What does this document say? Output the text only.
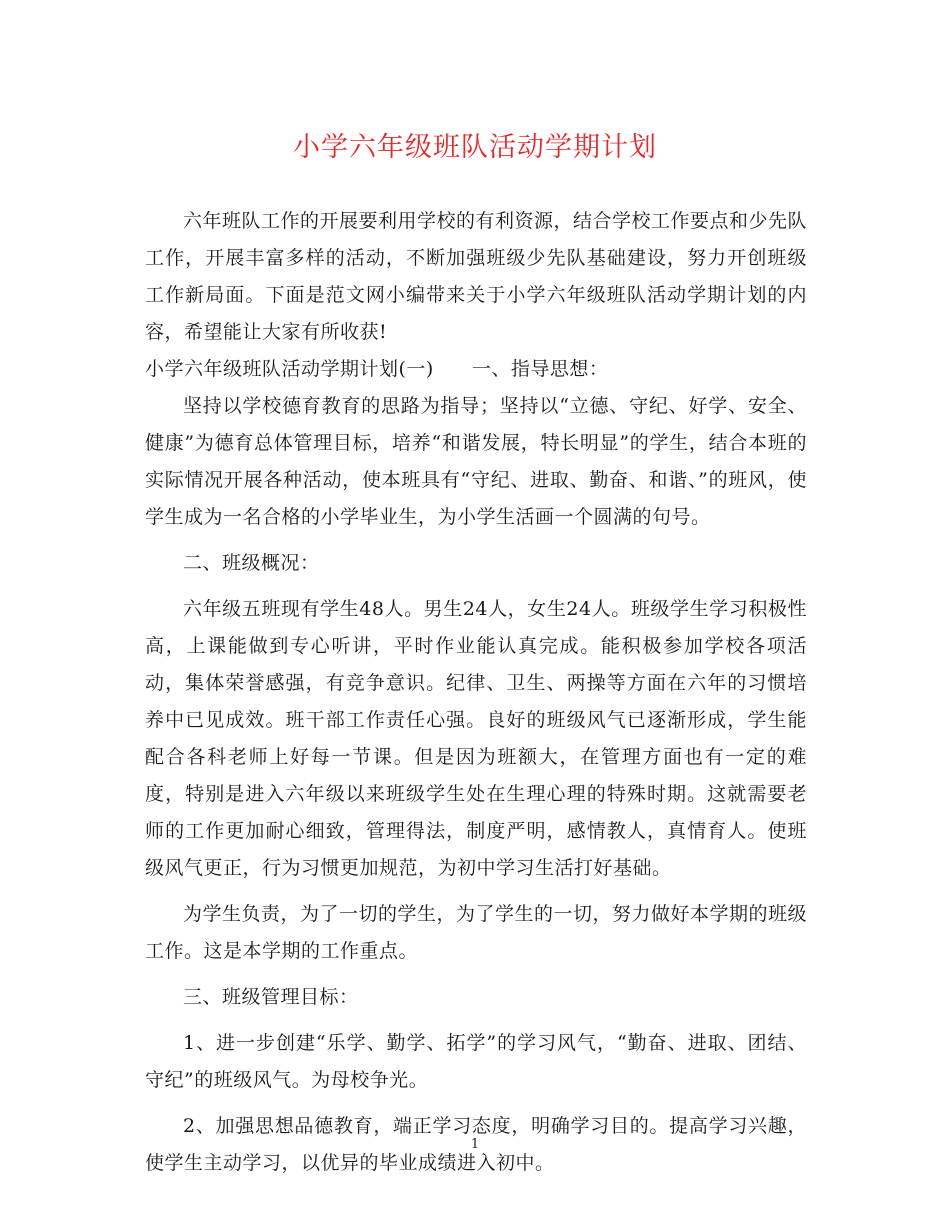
小学六年级班队活动学期计划

六年班队工作的开展要利用学校的有利资源，结合学校工作要点和少先队工作，开展丰富多样的活动，不断加强班级少先队基础建设，努力开创班级工作新局面。下面是范文网小编带来关于小学六年级班队活动学期计划的内容，希望能让大家有所收获!

小学六年级班队活动学期计划(一) 一、指导思想：

坚持以学校德育教育的思路为指导；坚持以“立德、守纪、好学、安全、健康”为德育总体管理目标，培养“和谐发展，特长明显”的学生，结合本班的实际情况开展各种活动，使本班具有“守纪、进取、勤奋、和谐、”的班风，使学生成为一名合格的小学毕业生，为小学生活画一个圆满的句号。

二、班级概况：

六年级五班现有学生48人。男生24人，女生24人。班级学生学习积极性高，上课能做到专心听讲，平时作业能认真完成。能积极参加学校各项活动，集体荣誉感强，有竞争意识。纪律、卫生、两操等方面在六年的习惯培养中已见成效。班干部工作责任心强。良好的班级风气已逐渐形成，学生能配合各科老师上好每一节课。但是因为班额大，在管理方面也有一定的难度，特别是进入六年级以来班级学生处在生理心理的特殊时期。这就需要老师的工作更加耐心细致，管理得法，制度严明，感情教人，真情育人。使班级风气更正，行为习惯更加规范，为初中学习生活打好基础。

为学生负责，为了一切的学生，为了学生的一切，努力做好本学期的班级工作。这是本学期的工作重点。

三、班级管理目标：

1、进一步创建“乐学、勤学、拓学”的学习风气，“勤奋、进取、团结、守纪”的班级风气。为母校争光。

2、加强思想品德教育，端正学习态度，明确学习目的。提高学习兴趣，使学生主动学习，以优异的毕业成绩进入初中。

1
